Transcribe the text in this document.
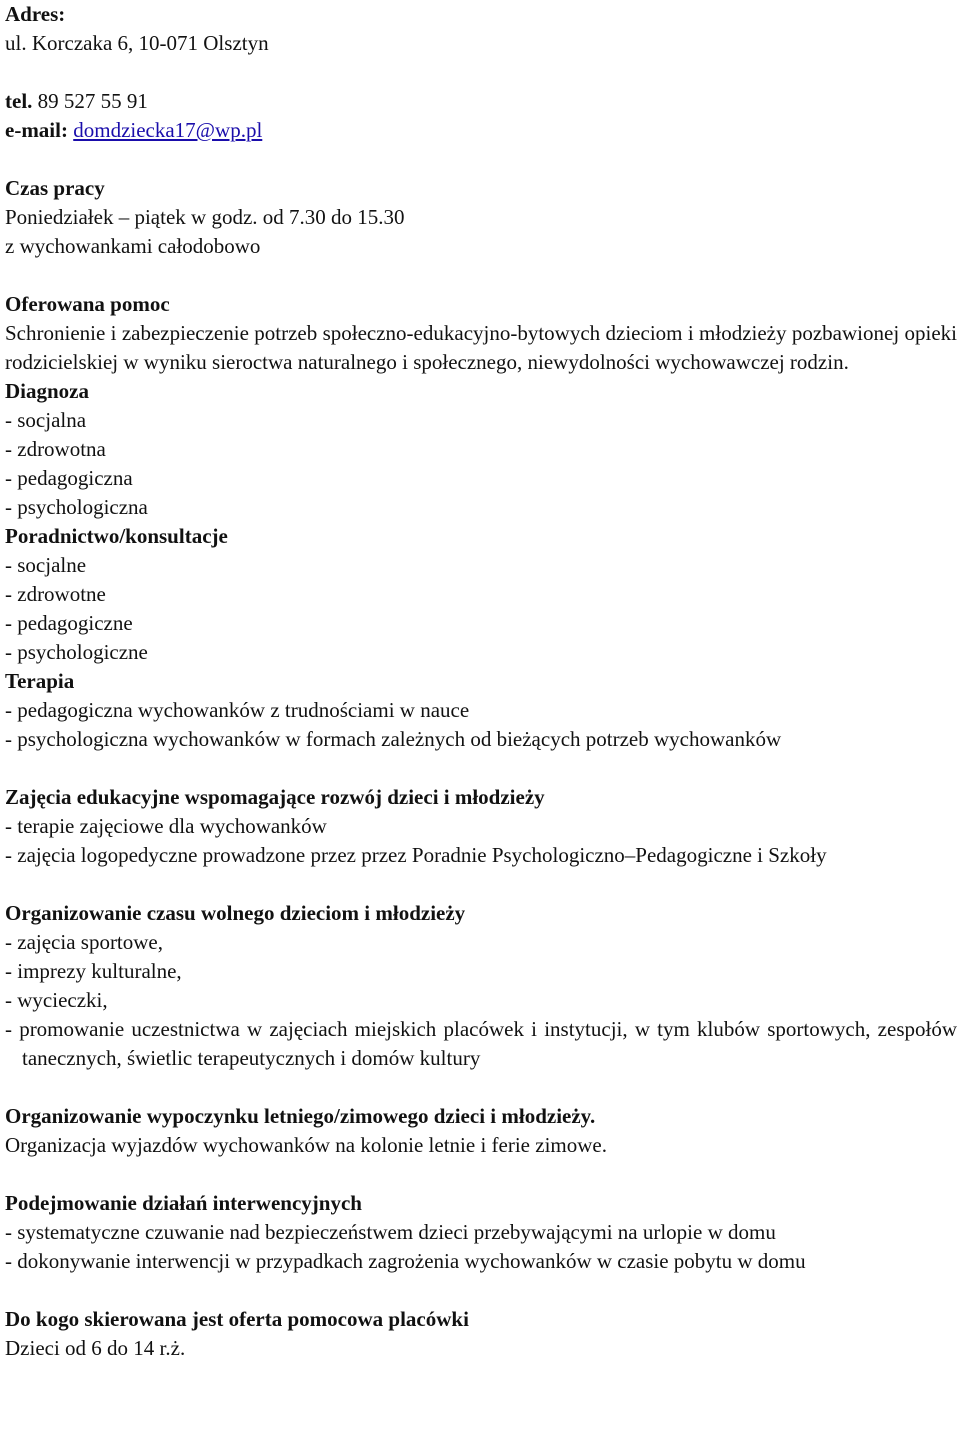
Adres:

ul. Korczaka 6, 10-071 Olsztyn

tel. 89 527 55 91

e-mail: domdziecka17@wp.pl

Czas pracy

Poniedziałek – piątek w godz. od 7.30 do 15.30

z wychowankami całodobowo

Oferowana pomoc

Schronienie i zabezpieczenie potrzeb społeczno-edukacyjno-bytowych dzieciom i młodzieży pozbawionej opieki rodzicielskiej w wyniku sieroctwa naturalnego i społecznego, niewydolności wychowawczej rodzin.

Diagnoza

- socjalna
- zdrowotna
- pedagogiczna
- psychologiczna

Poradnictwo/konsultacje

- socjalne
- zdrowotne
- pedagogiczne
- psychologiczne

Terapia

- pedagogiczna wychowanków z trudnościami w nauce
- psychologiczna wychowanków w formach zależnych od bieżących potrzeb wychowanków

Zajęcia edukacyjne wspomagające rozwój dzieci i młodzieży

- terapie zajęciowe dla wychowanków

- zajęcia logopedyczne prowadzone przez przez Poradnie Psychologiczno–Pedagogiczne i Szkoły

Organizowanie czasu wolnego dzieciom i młodzieży

- zajęcia sportowe,
- imprezy kulturalne,
- wycieczki,

- promowanie uczestnictwa w zajęciach miejskich placówek i instytucji, w tym klubów sportowych, zespołów tanecznych, świetlic terapeutycznych i domów kultury

Organizowanie wypoczynku letniego/zimowego dzieci i młodzieży.

Organizacja wyjazdów wychowanków na kolonie letnie i ferie zimowe.

Podejmowanie działań interwencyjnych

- systematyczne czuwanie nad bezpieczeństwem dzieci przebywającymi na urlopie w domu

- dokonywanie interwencji w przypadkach zagrożenia wychowanków w czasie pobytu w domu

Do kogo skierowana jest oferta pomocowa placówki

Dzieci od 6 do 14 r.ż.
